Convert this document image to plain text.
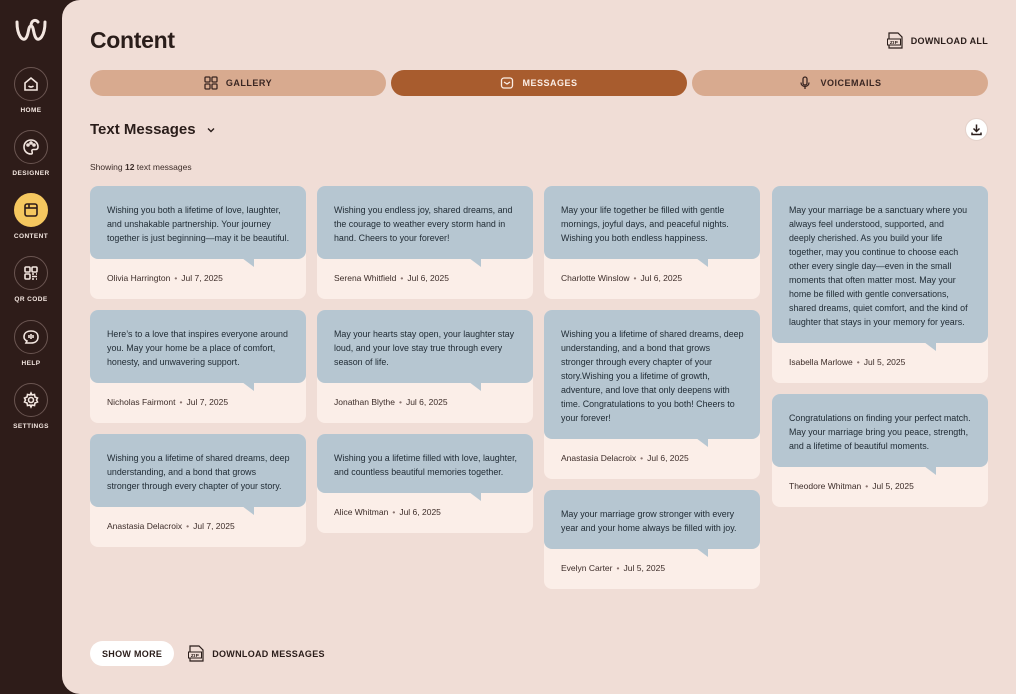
HOME
DESIGNER
CONTENT
QR CODE
HELP
SETTINGS
Content	ZIP DOWNLOAD ALL
GALLERY	MESSAGES	VOICEMAILS
Text Messages
Showing 12 text messages
Wishing you both a lifetime of love, laughter, and unshakable partnership. Your journey together is just beginning—may it be beautiful.
Olivia Harrington • Jul 7, 2025
Here’s to a love that inspires everyone around you. May your home be a place of comfort, honesty, and unwavering support.
Nicholas Fairmont • Jul 7, 2025
Wishing you a lifetime of shared dreams, deep understanding, and a bond that grows stronger through every chapter of your story.
Anastasia Delacroix • Jul 7, 2025
Wishing you endless joy, shared dreams, and the courage to weather every storm hand in hand. Cheers to your forever!
Serena Whitfield • Jul 6, 2025
May your hearts stay open, your laughter stay loud, and your love stay true through every season of life.
Jonathan Blythe • Jul 6, 2025
Wishing you a lifetime filled with love, laughter, and countless beautiful memories together.
Alice Whitman • Jul 6, 2025
May your life together be filled with gentle mornings, joyful days, and peaceful nights. Wishing you both endless happiness.
Charlotte Winslow • Jul 6, 2025
Wishing you a lifetime of shared dreams, deep understanding, and a bond that grows stronger through every chapter of your story.Wishing you a lifetime of growth, adventure, and love that only deepens with time. Congratulations to you both! Cheers to your forever!
Anastasia Delacroix • Jul 6, 2025
May your marriage grow stronger with every year and your home always be filled with joy.
Evelyn Carter • Jul 5, 2025
May your marriage be a sanctuary where you always feel understood, supported, and deeply cherished. As you build your life together, may you continue to choose each other every single day—even in the small moments that often matter most. May your home be filled with gentle conversations, shared dreams, quiet comfort, and the kind of laughter that stays in your memory for years.
Isabella Marlowe • Jul 5, 2025
Congratulations on finding your perfect match. May your marriage bring you peace, strength, and a lifetime of beautiful moments.
Theodore Whitman • Jul 5, 2025
SHOW MORE	ZIP DOWNLOAD MESSAGES
